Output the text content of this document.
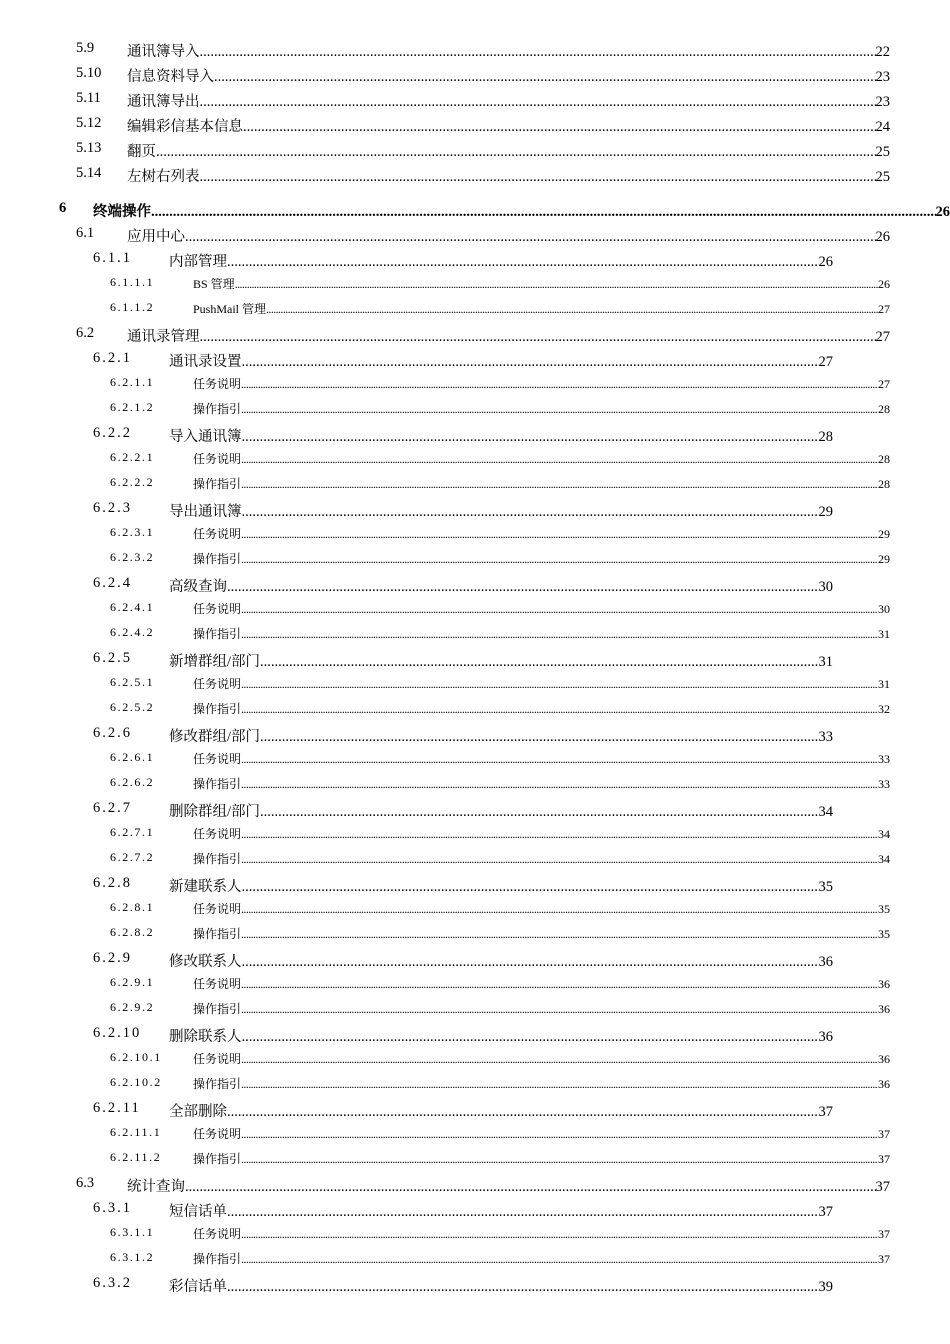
5.9 通讯簿导入 .....	22
5.10 信息资料导入 .....	23
5.11 通讯簿导出 .....	23
5.12 编辑彩信基本信息 .....	24
5.13 翻页 .....	25
5.14 左树右列表 .....	25
6 终端操作 .....	26
6.1 应用中心 .....	26
6.1.1	内部管理 .....	26
6.1.1.1	BS 管理 .....	26
6.1.1.2	PushMail 管理 .....	27
6.2 通讯录管理 .....	27
6.2.1	通讯录设置 .....	27
6.2.1.1	任务说明 .....	27
6.2.1.2	操作指引 .....	28
6.2.2	导入通讯簿 .....	28
6.2.2.1	任务说明 .....	28
6.2.2.2	操作指引 .....	28
6.2.3	导出通讯簿 .....	29
6.2.3.1	任务说明 .....	29
6.2.3.2	操作指引 .....	29
6.2.4	高级查询 .....	30
6.2.4.1	任务说明 .....	30
6.2.4.2	操作指引 .....	31
6.2.5	新增群组/部门 .....	31
6.2.5.1	任务说明 .....	31
6.2.5.2	操作指引 .....	32
6.2.6	修改群组/部门 .....	33
6.2.6.1	任务说明 .....	33
6.2.6.2	操作指引 .....	33
6.2.7	删除群组/部门 .....	34
6.2.7.1	任务说明 .....	34
6.2.7.2	操作指引 .....	34
6.2.8	新建联系人 .....	35
6.2.8.1	任务说明 .....	35
6.2.8.2	操作指引 .....	35
6.2.9	修改联系人 .....	36
6.2.9.1	任务说明 .....	36
6.2.9.2	操作指引 .....	36
6.2.10 删除联系人 .....	36
6.2.10.1	任务说明 .....	36
6.2.10.2	操作指引 .....	36
6.2.11 全部删除 .....	37
6.2.11.1	任务说明 .....	37
6.2.11.2	操作指引 .....	37
6.3 统计查询 .....	37
6.3.1	短信话单 .....	37
6.3.1.1	任务说明 .....	37
6.3.1.2	操作指引 .....	37
6.3.2	彩信话单 .....	39
